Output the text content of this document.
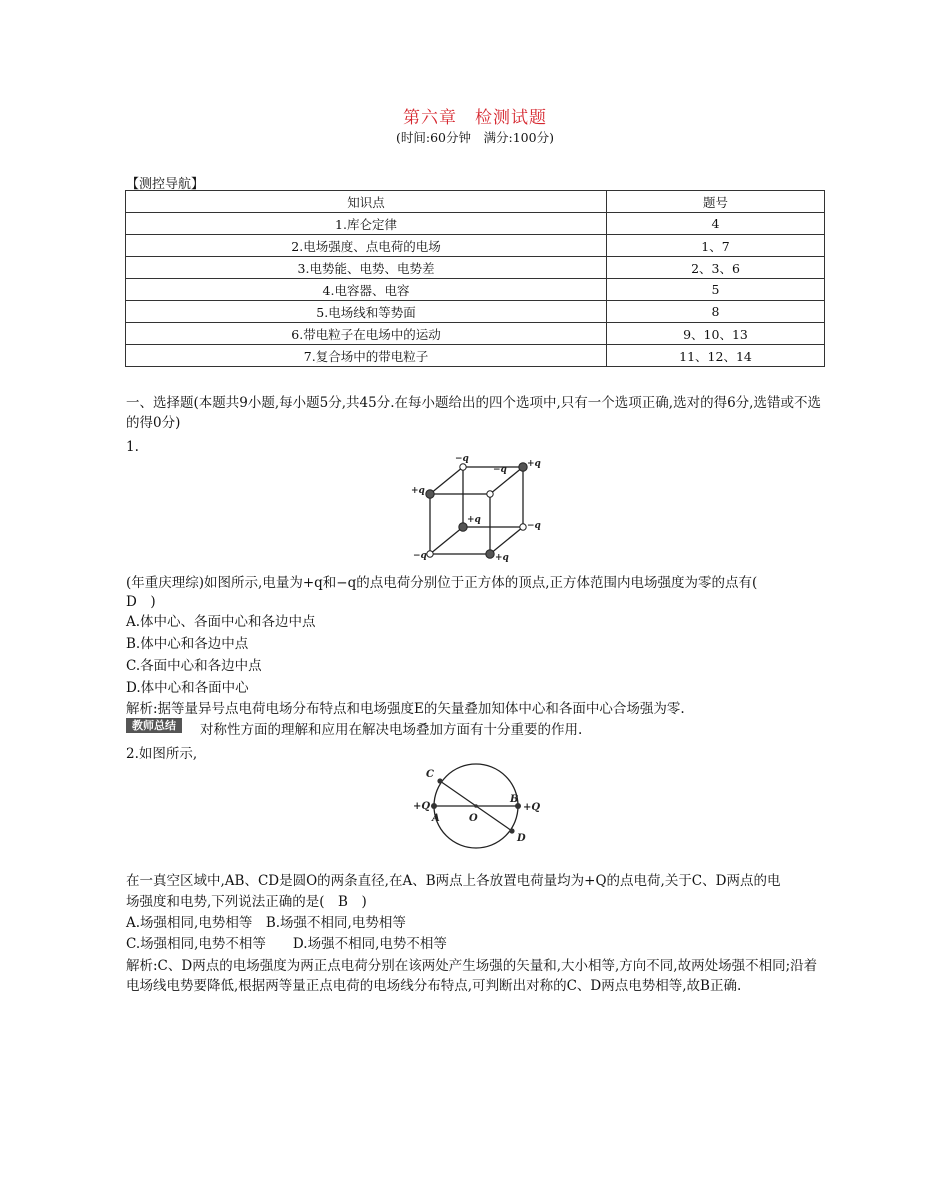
第六章　检测试题
(时间:60分钟　满分:100分)
【测控导航】
知识点	题号
1.库仑定律	4
2.电场强度、点电荷的电场	1、7
3.电势能、电势、电势差	2、3、6
4.电容器、电容	5
5.电场线和等势面	8
6.带电粒子在电场中的运动	9、10、13
7.复合场中的带电粒子	11、12、14
一、选择题(本题共9小题,每小题5分,共45分.在每小题给出的四个选项中,只有一个选项正确,选对的得6分,选错或不选的得0分)
1.
−q	+q
+q
−q
−q	+q
+q
−q
(年重庆理综)如图所示,电量为+q和−q的点电荷分别位于正方体的顶点,正方体范围内电场强度为零的点有(
D　)
A.体中心、各面中心和各边中点
B.体中心和各边中点
C.各面中心和各边中点
D.体中心和各面中心
解析:据等量异号点电荷电场分布特点和电场强度E的矢量叠加知体中心和各面中心合场强为零.
教师总结	对称性方面的理解和应用在解决电场叠加方面有十分重要的作用.
2.如图所示,
C
+Q
A	O
B
+Q
D
在一真空区域中,AB、CD是圆O的两条直径,在A、B两点上各放置电荷量均为+Q的点电荷,关于C、D两点的电
场强度和电势,下列说法正确的是(　B　)
A.场强相同,电势相等　B.场强不相同,电势相等
C.场强相同,电势不相等　　D.场强不相同,电势不相等
解析:C、D两点的电场强度为两正点电荷分别在该两处产生场强的矢量和,大小相等,方向不同,故两处场强不相同;沿着电场线电势要降低,根据两等量正点电荷的电场线分布特点,可判断出对称的C、D两点电势相等,故B正确.
